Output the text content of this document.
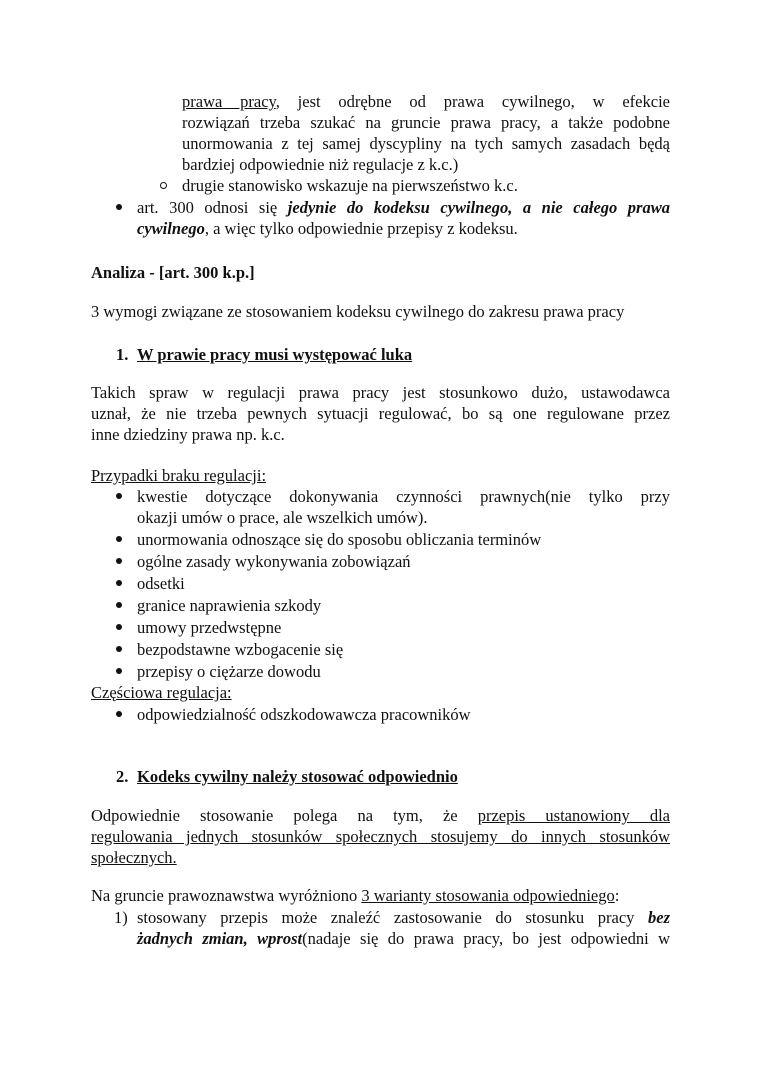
prawa pracy, jest odrębne od prawa cywilnego, w efekcie
rozwiązań trzeba szukać na gruncie prawa pracy, a także podobne
unormowania z tej samej dyscypliny na tych samych zasadach będą
bardziej odpowiednie niż regulacje z k.c.)
drugie stanowisko wskazuje na pierwszeństwo k.c.
art. 300 odnosi się jedynie do kodeksu cywilnego, a nie całego prawa
cywilnego, a więc tylko odpowiednie przepisy z kodeksu.
Analiza - [art. 300 k.p.]
3 wymogi związane ze stosowaniem kodeksu cywilnego do zakresu prawa pracy
1. W prawie pracy musi występować luka
Takich spraw w regulacji prawa pracy jest stosunkowo dużo, ustawodawca
uznał, że nie trzeba pewnych sytuacji regulować, bo są one regulowane przez
inne dziedziny prawa np. k.c.
Przypadki braku regulacji:
kwestie dotyczące dokonywania czynności prawnych(nie tylko przy
okazji umów o prace, ale wszelkich umów).
unormowania odnoszące się do sposobu obliczania terminów
ogólne zasady wykonywania zobowiązań
odsetki
granice naprawienia szkody
umowy przedwstępne
bezpodstawne wzbogacenie się
przepisy o ciężarze dowodu
Częściowa regulacja:
odpowiedzialność odszkodowawcza pracowników
2. Kodeks cywilny należy stosować odpowiednio
Odpowiednie stosowanie polega na tym, że przepis ustanowiony dla
regulowania jednych stosunków społecznych stosujemy do innych stosunków
społecznych.
Na gruncie prawoznawstwa wyróżniono 3 warianty stosowania odpowiedniego:
1) stosowany przepis może znaleźć zastosowanie do stosunku pracy bez
żadnych zmian, wprost(nadaje się do prawa pracy, bo jest odpowiedni w
